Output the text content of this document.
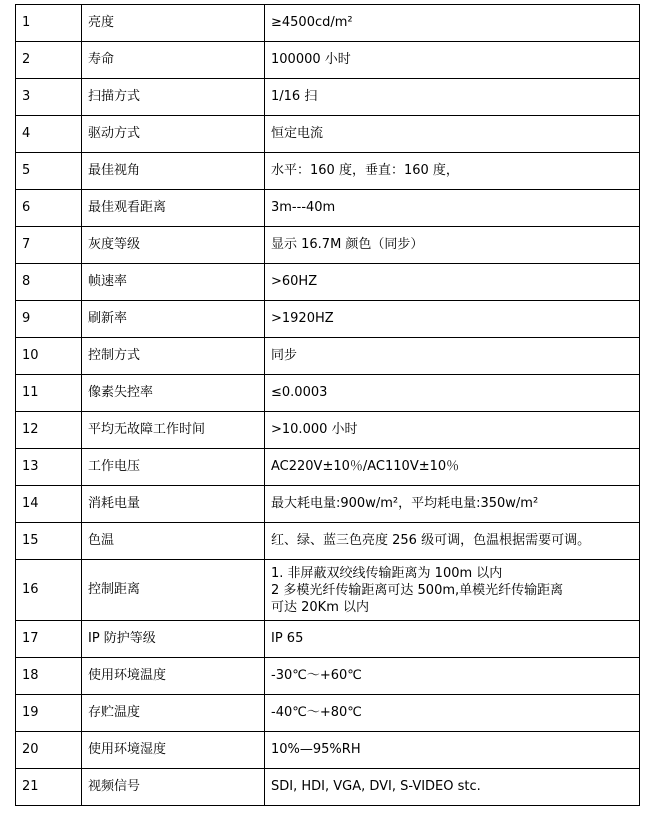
1	亮度	≥4500cd/m²
2	寿命	100000 小时
3	扫描方式	1/16 扫
4	驱动方式	恒定电流
5	最佳视角	水平：160 度，垂直：160 度，
6	最佳观看距离	3m---40m
7	灰度等级	显示 16.7M 颜色（同步）
8	帧速率	>60HZ
9	刷新率	>1920HZ
10	控制方式	同步
11	像素失控率	≤0.0003
12	平均无故障工作时间	>10.000 小时
13	工作电压	AC220V±10％/AC110V±10％
14	消耗电量	最大耗电量:900w/m²，平均耗电量:350w/m²
15	色温	红、绿、蓝三色亮度 256 级可调，色温根据需要可调。
16	控制距离	1. 非屏蔽双绞线传输距离为 100m 以内
2 多模光纤传输距离可达 500m,单模光纤传输距离
可达 20Km 以内

17	IP 防护等级	IP 65
18	使用环境温度	-30℃～+60℃
19	存贮温度	-40℃～+80℃
20	使用环境湿度	10%—95%RH
21	视频信号	SDI, HDI, VGA, DVI, S-VIDEO stc.
